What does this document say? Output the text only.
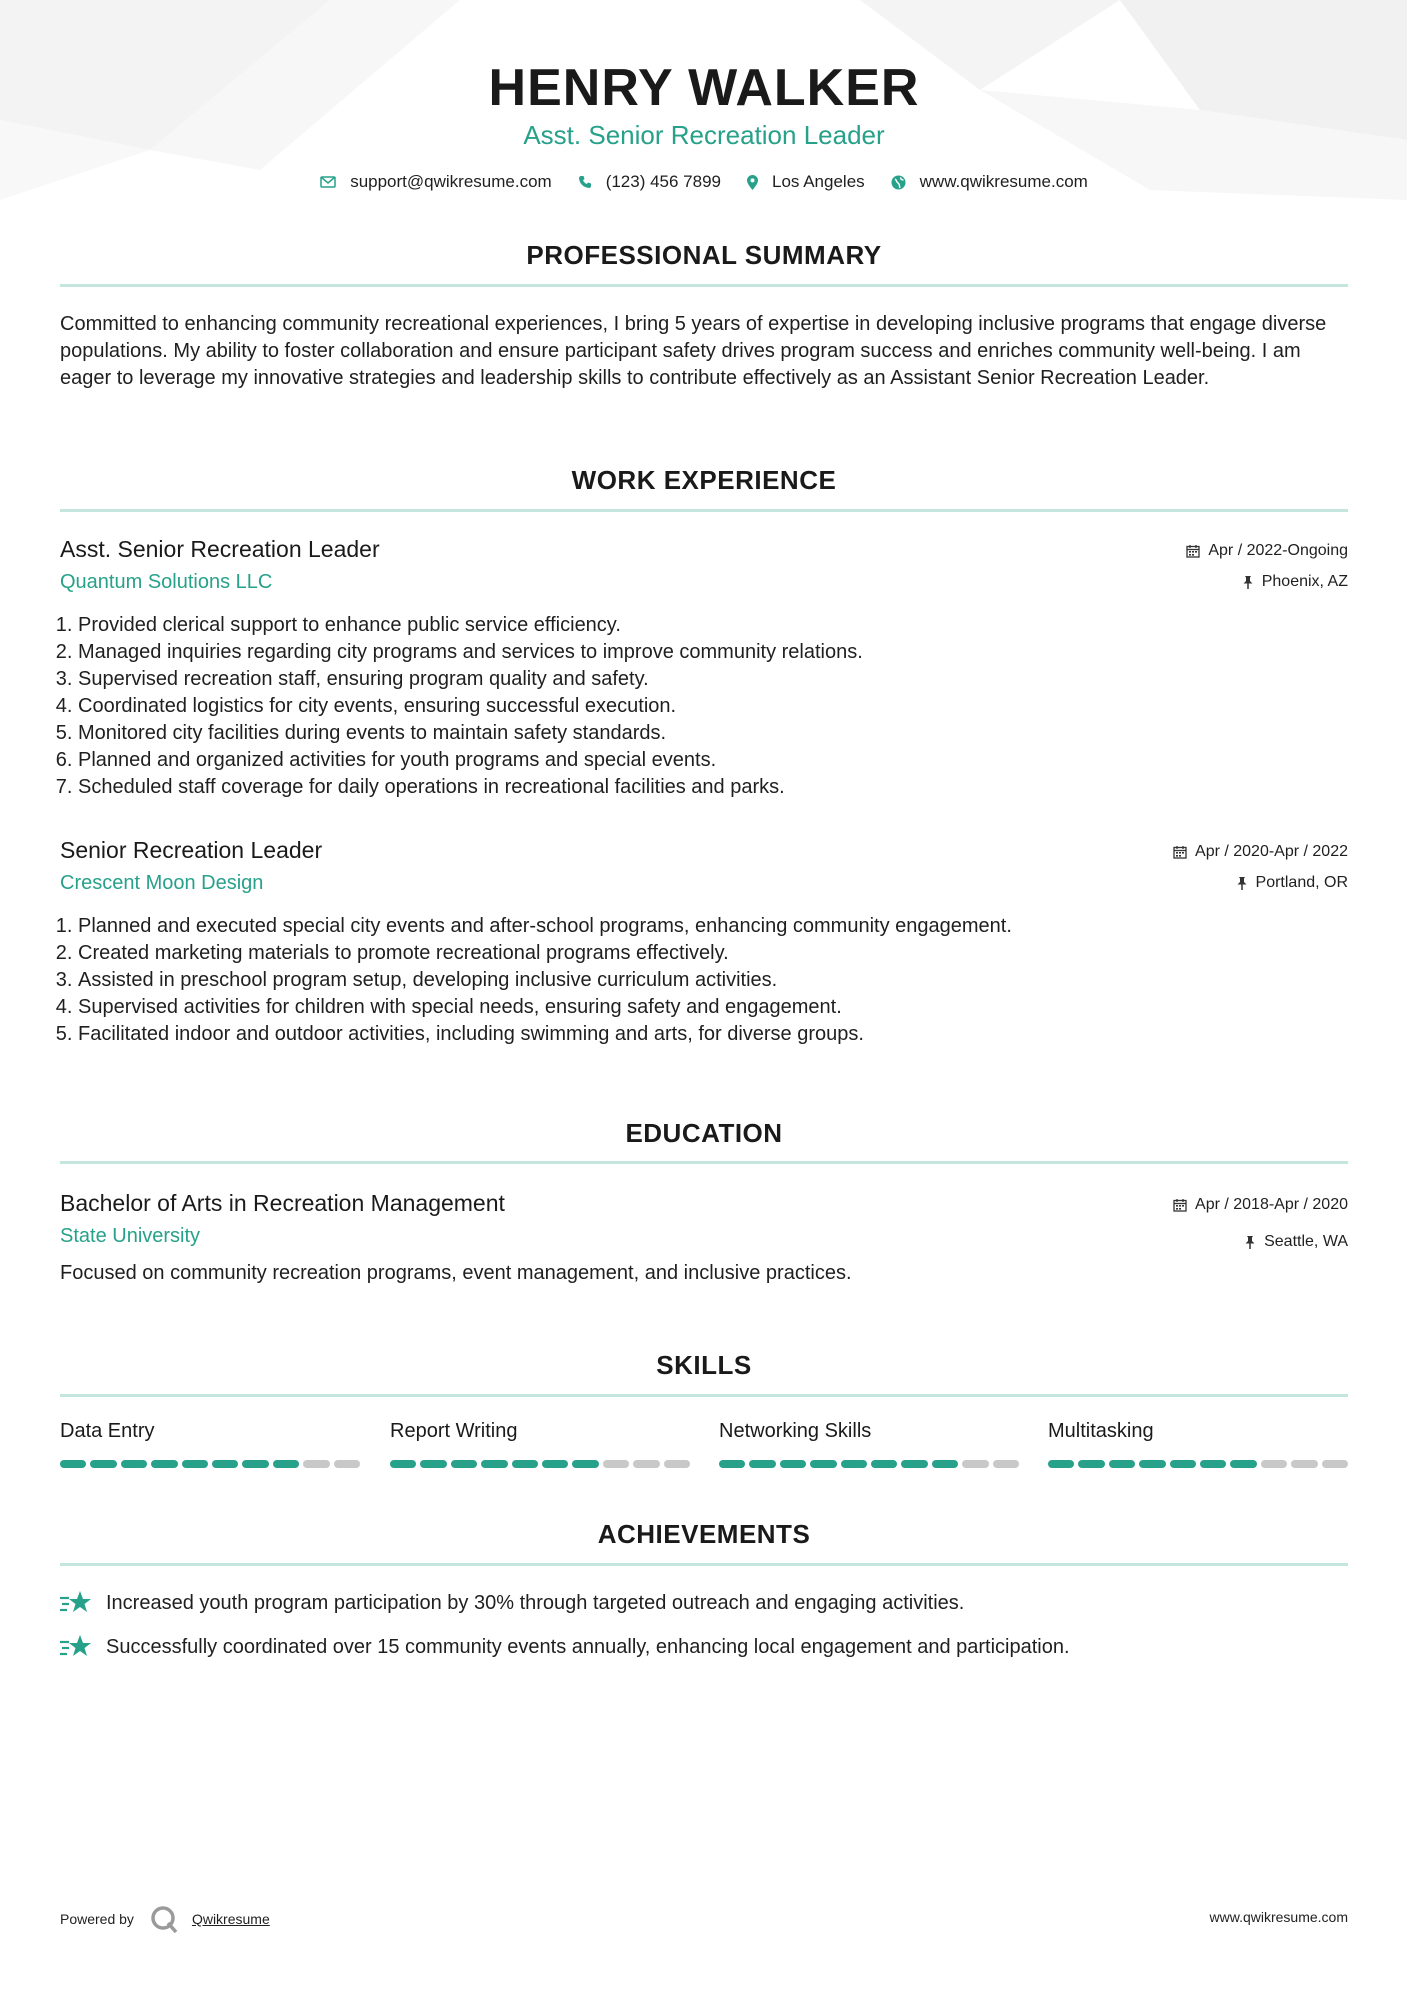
HENRY WALKER
Asst. Senior Recreation Leader
support@qwikresume.com	(123) 456 7899	Los Angeles	www.qwikresume.com
PROFESSIONAL SUMMARY

Committed to enhancing community recreational experiences, I bring 5 years of expertise in developing inclusive programs that engage diverse populations. My ability to foster collaboration and ensure participant safety drives program success and enriches community well-being. I am eager to leverage my innovative strategies and leadership skills to contribute effectively as an Assistant Senior Recreation Leader.

WORK EXPERIENCE
Asst. Senior Recreation Leader
Quantum Solutions LLC
Apr / 2022-Ongoing
Phoenix, AZ
1. Provided clerical support to enhance public service efficiency.
2. Managed inquiries regarding city programs and services to improve community relations.
3. Supervised recreation staff, ensuring program quality and safety.
4. Coordinated logistics for city events, ensuring successful execution.
5. Monitored city facilities during events to maintain safety standards.
6. Planned and organized activities for youth programs and special events.
7. Scheduled staff coverage for daily operations in recreational facilities and parks.
Senior Recreation Leader
Crescent Moon Design
Apr / 2020-Apr / 2022
Portland, OR
1. Planned and executed special city events and after-school programs, enhancing community engagement.
2. Created marketing materials to promote recreational programs effectively.
3. Assisted in preschool program setup, developing inclusive curriculum activities.
4. Supervised activities for children with special needs, ensuring safety and engagement.
5. Facilitated indoor and outdoor activities, including swimming and arts, for diverse groups.
EDUCATION
Bachelor of Arts in Recreation Management
State University
Apr / 2018-Apr / 2020
Seattle, WA
Focused on community recreation programs, event management, and inclusive practices.
SKILLS
Data Entry	Report Writing	Networking Skills	Multitasking
ACHIEVEMENTS
Increased youth program participation by 30% through targeted outreach and engaging activities.
Successfully coordinated over 15 community events annually, enhancing local engagement and participation.
Powered by	Qwikresume	www.qwikresume.com
